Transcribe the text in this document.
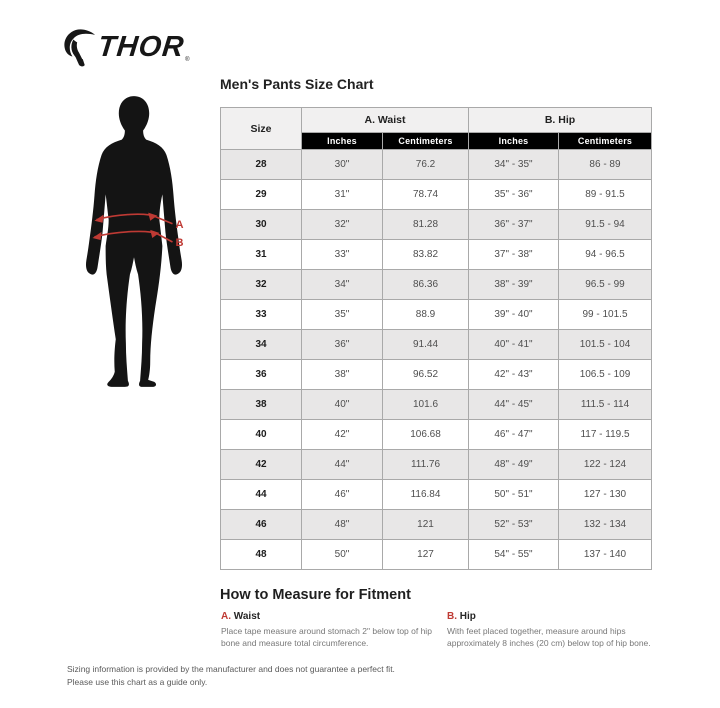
THOR ®
A
B
Men's Pants Size Chart
Size	A. Waist		B. Hip	
	Inches	Centimeters	Inches	Centimeters
28	30"	76.2	34" - 35"	86 - 89
29	31"	78.74	35" - 36"	89 - 91.5
30	32"	81.28	36" - 37"	91.5 - 94
31	33"	83.82	37" - 38"	94 - 96.5
32	34"	86.36	38" - 39"	96.5 - 99
33	35"	88.9	39" - 40"	99 - 101.5
34	36"	91.44	40" - 41"	101.5 - 104
36	38"	96.52	42" - 43"	106.5 - 109
38	40"	101.6	44" - 45"	111.5 - 114
40	42"	106.68	46" - 47"	117 - 119.5
42	44"	111.76	48" - 49"	122 - 124
44	46"	116.84	50" - 51"	127 - 130
46	48"	121	52" - 53"	132 - 134
48	50"	127	54" - 55"	137 - 140
How to Measure for Fitment
A. Waist
Place tape measure around stomach 2" below top of hip bone and measure total circumference.
B. Hip
With feet placed together, measure around hips approximately 8 inches (20 cm) below top of hip bone.
Sizing information is provided by the manufacturer and does not guarantee a perfect fit.
Please use this chart as a guide only.
